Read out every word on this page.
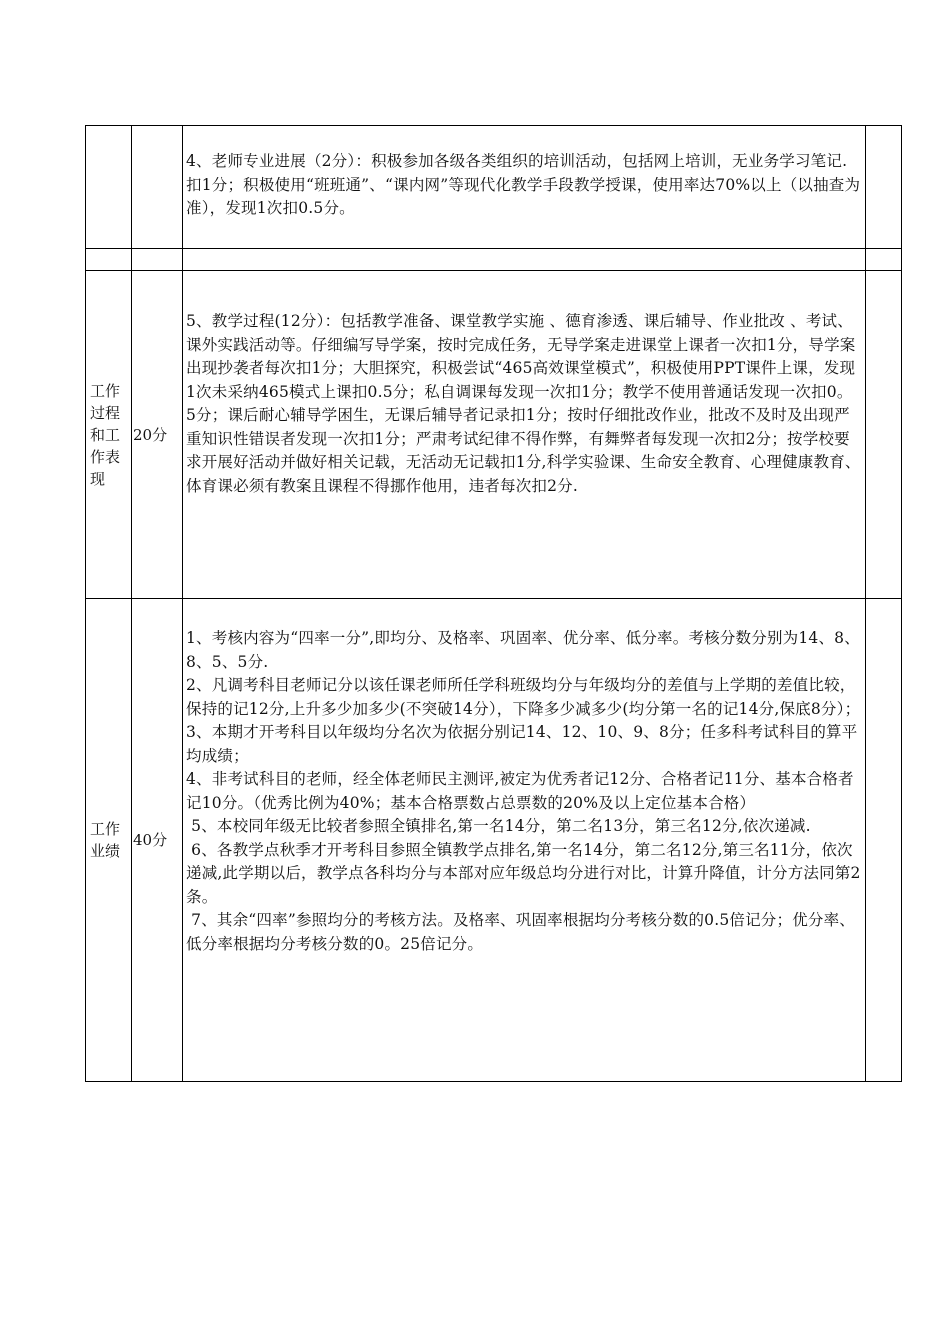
4、老师专业进展（2分）：积极参加各级各类组织的培训活动，包括网上培训，无业务学习笔记.扣1分；积极使用“班班通”、“课内网”等现代化教学手段教学授课，使用率达70%以上（以抽查为准），发现1次扣0.5分。

工作过程和工作表现
20分

5、教学过程(12分）：包括教学准备、课堂教学实施 、德育渗透、课后辅导、作业批改 、考试、课外实践活动等。仔细编写导学案，按时完成任务，无导学案走进课堂上课者一次扣1分，导学案出现抄袭者每次扣1分；大胆探究，积极尝试“465高效课堂模式”，积极使用PPT课件上课，发现1次未采纳465模式上课扣0.5分；私自调课每发现一次扣1分；教学不使用普通话发现一次扣0。5分；课后耐心辅导学困生，无课后辅导者记录扣1分；按时仔细批改作业，批改不及时及出现严重知识性错误者发现一次扣1分；严肃考试纪律不得作弊，有舞弊者每发现一次扣2分；按学校要求开展好活动并做好相关记载，无活动无记载扣1分,科学实验课、生命安全教育、心理健康教育、体育课必须有教案且课程不得挪作他用，违者每次扣2分.

工作业绩
40分

1、考核内容为“四率一分”,即均分、及格率、巩固率、优分率、低分率。考核分数分别为14、8、8、5、5分.

2、凡调考科目老师记分以该任课老师所任学科班级均分与年级均分的差值与上学期的差值比较，保持的记12分,上升多少加多少(不突破14分），下降多少减多少(均分第一名的记14分,保底8分）；

3、本期才开考科目以年级均分名次为依据分别记14、12、10、9、8分；任多科考试科目的算平均成绩；

4、非考试科目的老师，经全体老师民主测评,被定为优秀者记12分、合格者记11分、基本合格者记10分。（优秀比例为40%；基本合格票数占总票数的20%及以上定位基本合格）

5、本校同年级无比较者参照全镇排名,第一名14分，第二名13分，第三名12分,依次递减.

6、各教学点秋季才开考科目参照全镇教学点排名,第一名14分，第二名12分,第三名11分，依次递减,此学期以后，教学点各科均分与本部对应年级总均分进行对比，计算升降值，计分方法同第2条。

7、其余“四率”参照均分的考核方法。及格率、巩固率根据均分考核分数的0.5倍记分；优分率、低分率根据均分考核分数的0。25倍记分。
